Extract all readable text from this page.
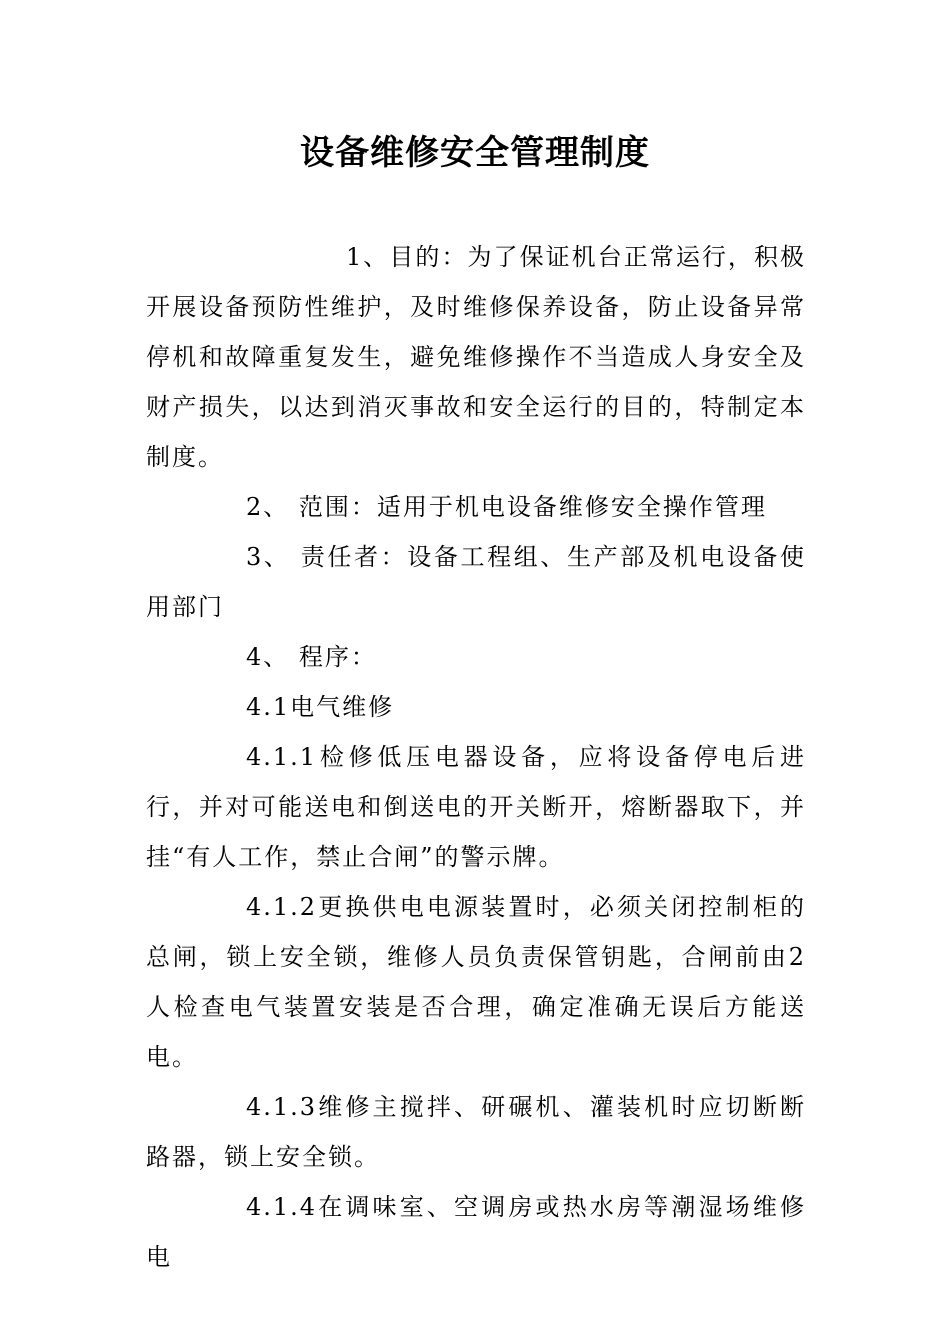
设备维修安全管理制度

1、目的：为了保证机台正常运行，积极开展设备预防性维护，及时维修保养设备，防止设备异常停机和故障重复发生，避免维修操作不当造成人身安全及财产损失，以达到消灭事故和安全运行的目的，特制定本制度。

2、 范围：适用于机电设备维修安全操作管理

3、 责任者：设备工程组、生产部及机电设备使用部门

4、 程序：

4.1电气维修

4.1.1检修低压电器设备，应将设备停电后进行，并对可能送电和倒送电的开关断开，熔断器取下，并挂“有人工作，禁止合闸”的警示牌。

4.1.2更换供电电源装置时，必须关闭控制柜的总闸，锁上安全锁，维修人员负责保管钥匙，合闸前由2人检查电气装置安装是否合理，确定准确无误后方能送电。

4.1.3维修主搅拌、研碾机、灌装机时应切断断路器，锁上安全锁。

4.1.4在调味室、空调房或热水房等潮湿场维修电
